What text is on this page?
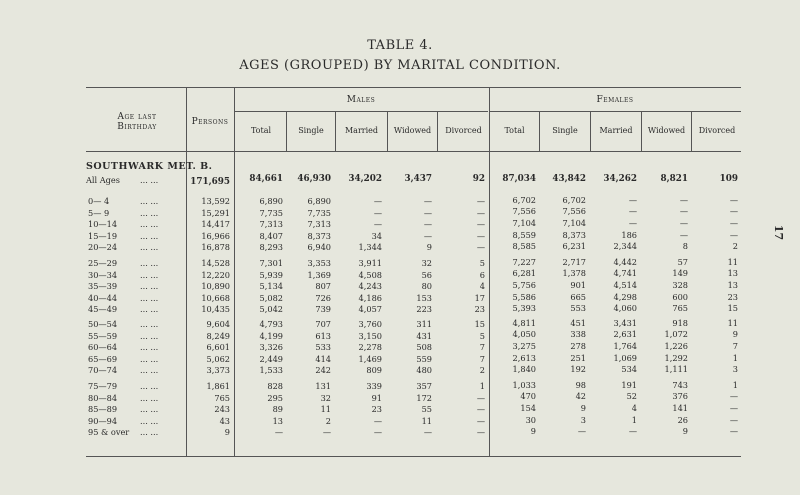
TABLE 4.
AGES (GROUPED) BY MARITAL CONDITION.
17
Age last Birthday	Persons
Males	Females
Total	Single	Married	Widowed	Divorced	Total	Single	Married	Widowed	Divorced
SOUTHWARK MET. B.
All Ages ... ...	171,695	84,661	46,930	34,202	3,437	92	87,034	43,842	34,262	8,821	109
0— 4	... ...	13,592	6,890	6,890	—	—	—	6,702	6,702	—	—	—
5— 9	... ...	15,291	7,735	7,735	—	—	—	7,556	7,556	—	—	—
10—14	... ...	14,417	7,313	7,313	—	—	—	7,104	7,104	—	—	—
15—19	... ...	16,966	8,407	8,373	34	—	—	8,559	8,373	186	—	—
20—24	... ...	16,878	8,293	6,940	1,344	9	—	8,585	6,231	2,344	8	2
25—29	... ...	14,528	7,301	3,353	3,911	32	5	7,227	2,717	4,442	57	11
30—34	... ...	12,220	5,939	1,369	4,508	56	6	6,281	1,378	4,741	149	13
35—39	... ...	10,890	5,134	807	4,243	80	4	5,756	901	4,514	328	13
40—44	... ...	10,668	5,082	726	4,186	153	17	5,586	665	4,298	600	23
45—49	... ...	10,435	5,042	739	4,057	223	23	5,393	553	4,060	765	15
50—54	... ...	9,604	4,793	707	3,760	311	15	4,811	451	3,431	918	11
55—59	... ...	8,249	4,199	613	3,150	431	5	4,050	338	2,631	1,072	9
60—64	... ...	6,601	3,326	533	2,278	508	7	3,275	278	1,764	1,226	7
65—69	... ...	5,062	2,449	414	1,469	559	7	2,613	251	1,069	1,292	1
70—74	... ...	3,373	1,533	242	809	480	2	1,840	192	534	1,111	3
75—79	... ...	1,861	828	131	339	357	1	1,033	98	191	743	1
80—84	... ...	765	295	32	91	172	—	470	42	52	376	—
85—89	... ...	243	89	11	23	55	—	154	9	4	141	—
90—94	... ...	43	13	2	—	11	—	30	3	1	26	—
95 & over ... ...	9	—	—	—	—	—	9	—	—	9	—
